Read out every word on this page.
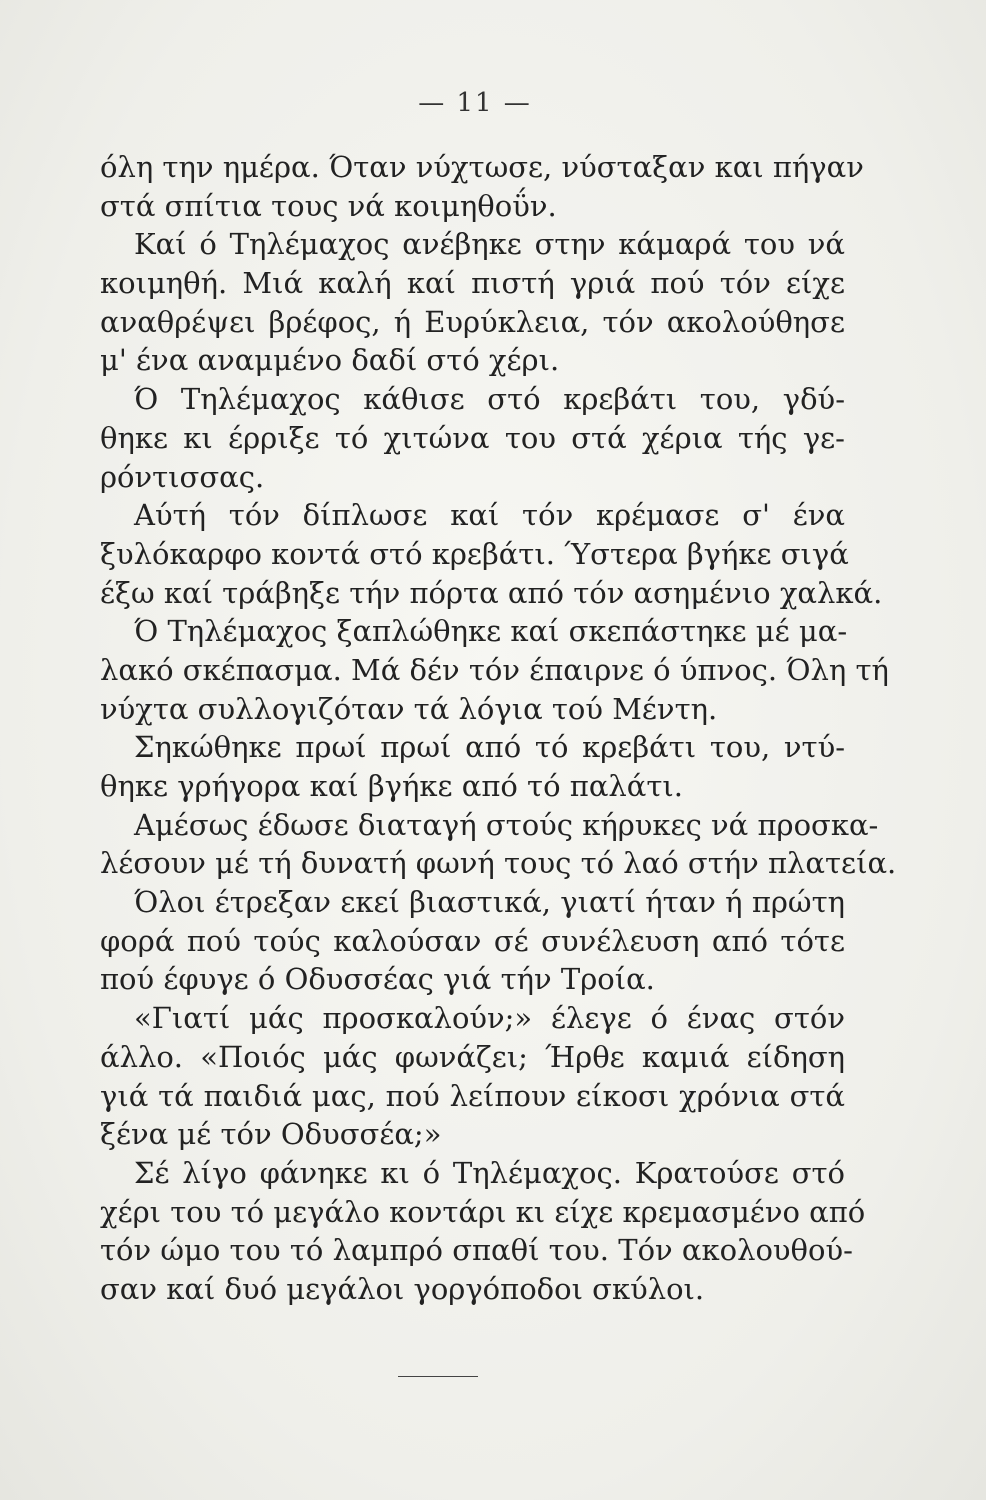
— 11 —
όλη την ημέρα. Όταν νύχτωσε, νύσταξαν και πήγαν
στά σπίτια τους νά κοιμηθοΰν.
Καί ό Τηλέμαχος ανέβηκε στην κάμαρά του νά
κοιμηθή. Μιά καλή καί πιστή γριά πού τόν είχε
αναθρέψει βρέφος, ή Ευρύκλεια, τόν ακολούθησε
μ' ένα αναμμένο δαδί στό χέρι.
Ό Τηλέμαχος κάθισε στό κρεβάτι του, γδύ-
θηκε κι έρριξε τό χιτώνα του στά χέρια τής γε-
ρόντισσας.
Αύτή τόν δίπλωσε καί τόν κρέμασε σ' ένα
ξυλόκαρφο κοντά στό κρεβάτι. Ύστερα βγήκε σιγά
έξω καί τράβηξε τήν πόρτα από τόν ασημένιο χαλκά.
Ό Τηλέμαχος ξαπλώθηκε καί σκεπάστηκε μέ μα-
λακό σκέπασμα. Μά δέν τόν έπαιρνε ό ύπνος. Όλη τή
νύχτα συλλογιζόταν τά λόγια τού Μέντη.
Σηκώθηκε πρωί πρωί από τό κρεβάτι του, ντύ-
θηκε γρήγορα καί βγήκε από τό παλάτι.
Αμέσως έδωσε διαταγή στούς κήρυκες νά προσκα-
λέσουν μέ τή δυνατή φωνή τους τό λαό στήν πλατεία.
Όλοι έτρεξαν εκεί βιαστικά, γιατί ήταν ή πρώτη
φορά πού τούς καλούσαν σέ συνέλευση από τότε
πού έφυγε ό Οδυσσέας γιά τήν Τροία.
«Γιατί μάς προσκαλούν;» έλεγε ό ένας στόν
άλλο. «Ποιός μάς φωνάζει; Ήρθε καμιά είδηση
γιά τά παιδιά μας, πού λείπουν είκοσι χρόνια στά
ξένα μέ τόν Οδυσσέα;»
Σέ λίγο φάνηκε κι ό Τηλέμαχος. Κρατούσε στό
χέρι του τό μεγάλο κοντάρι κι είχε κρεμασμένο από
τόν ώμο του τό λαμπρό σπαθί του. Τόν ακολουθού-
σαν καί δυό μεγάλοι γοργόποδοι σκύλοι.
